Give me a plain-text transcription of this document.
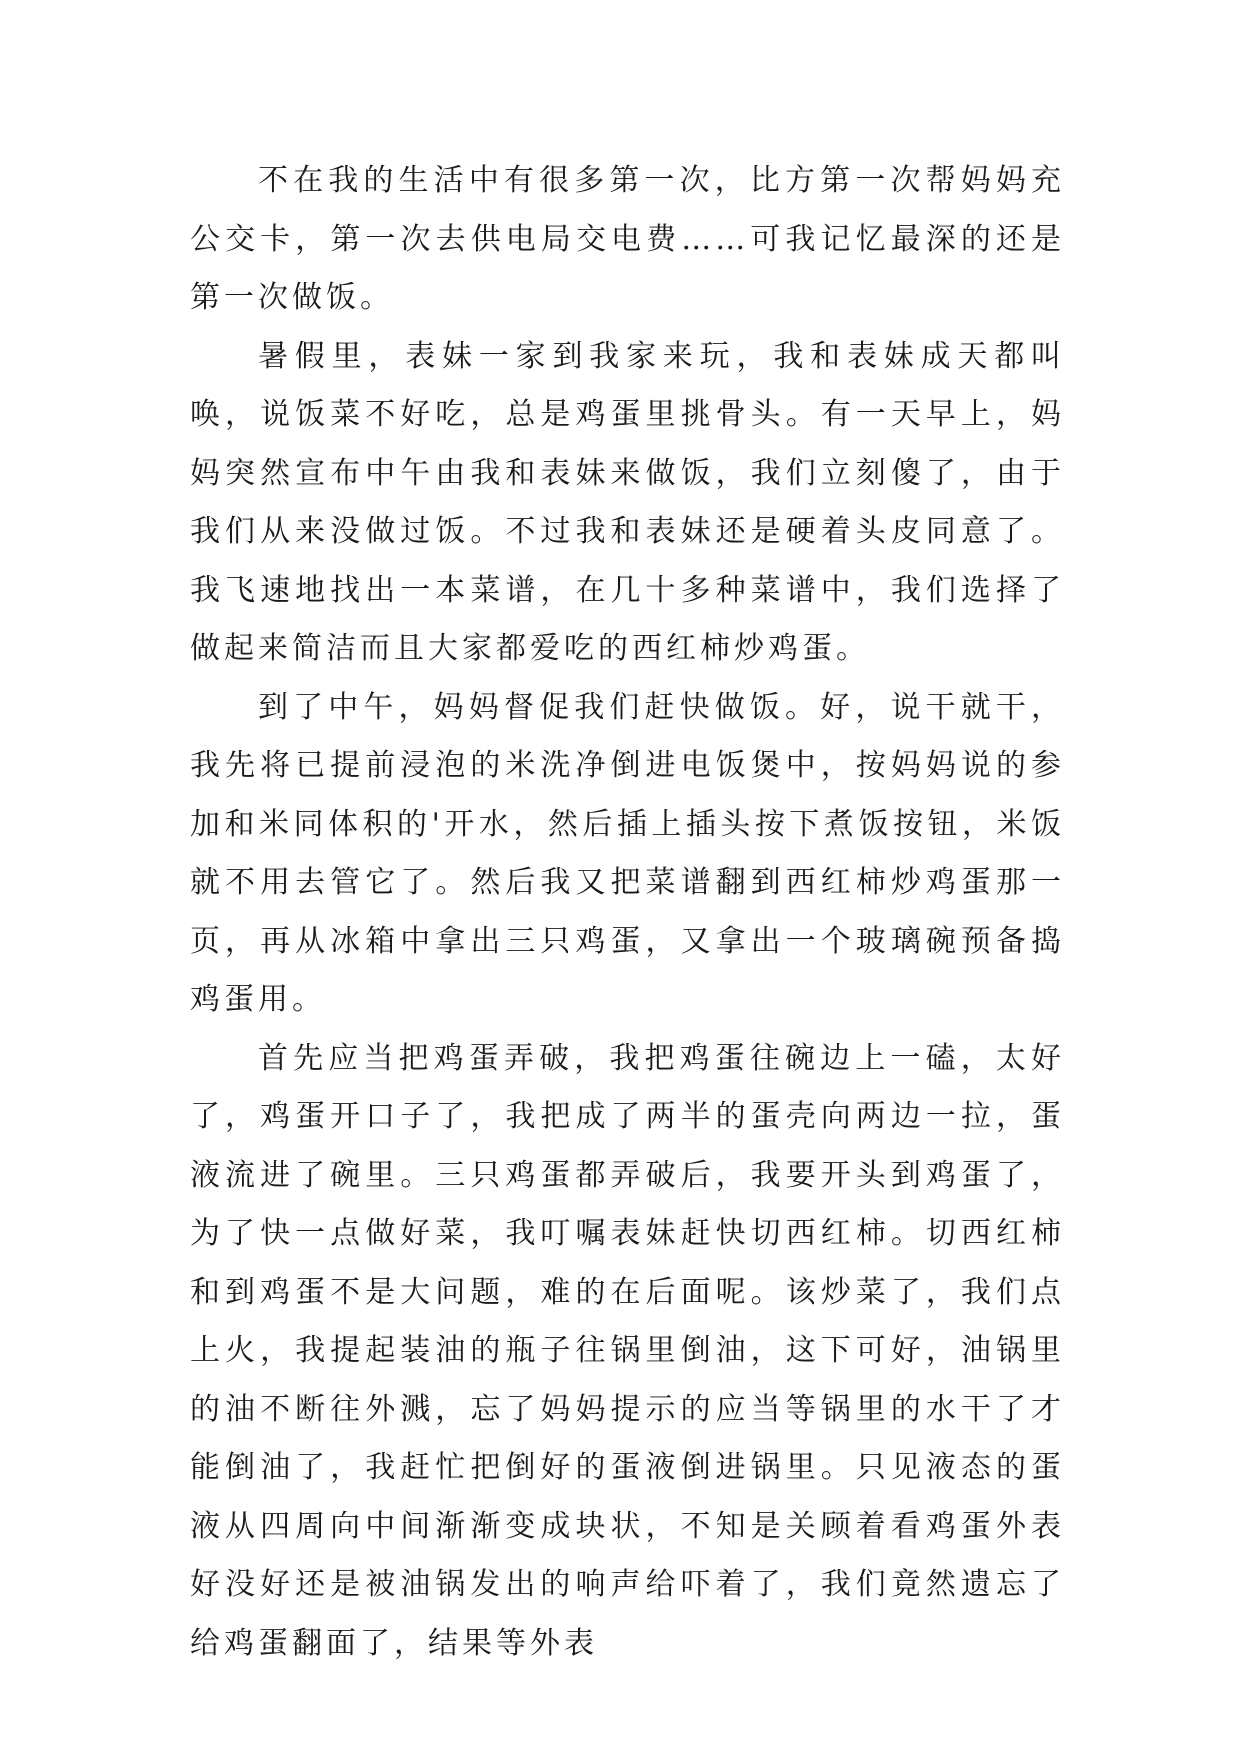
不在我的生活中有很多第一次，比方第一次帮妈妈充公交卡，第一次去供电局交电费……可我记忆最深的还是第一次做饭。

暑假里，表妹一家到我家来玩，我和表妹成天都叫唤，说饭菜不好吃，总是鸡蛋里挑骨头。有一天早上，妈妈突然宣布中午由我和表妹来做饭，我们立刻傻了，由于我们从来没做过饭。不过我和表妹还是硬着头皮同意了。我飞速地找出一本菜谱，在几十多种菜谱中，我们选择了做起来简洁而且大家都爱吃的西红柿炒鸡蛋。

到了中午，妈妈督促我们赶快做饭。好，说干就干，我先将已提前浸泡的米洗净倒进电饭煲中，按妈妈说的参加和米同体积的'开水，然后插上插头按下煮饭按钮，米饭就不用去管它了。然后我又把菜谱翻到西红柿炒鸡蛋那一页，再从冰箱中拿出三只鸡蛋，又拿出一个玻璃碗预备捣鸡蛋用。

首先应当把鸡蛋弄破，我把鸡蛋往碗边上一磕，太好了，鸡蛋开口子了，我把成了两半的蛋壳向两边一拉，蛋液流进了碗里。三只鸡蛋都弄破后，我要开头到鸡蛋了，为了快一点做好菜，我叮嘱表妹赶快切西红柿。切西红柿和到鸡蛋不是大问题，难的在后面呢。该炒菜了，我们点上火，我提起装油的瓶子往锅里倒油，这下可好，油锅里的油不断往外溅，忘了妈妈提示的应当等锅里的水干了才能倒油了，我赶忙把倒好的蛋液倒进锅里。只见液态的蛋液从四周向中间渐渐变成块状，不知是关顾着看鸡蛋外表好没好还是被油锅发出的响声给吓着了，我们竟然遗忘了给鸡蛋翻面了，结果等外表
